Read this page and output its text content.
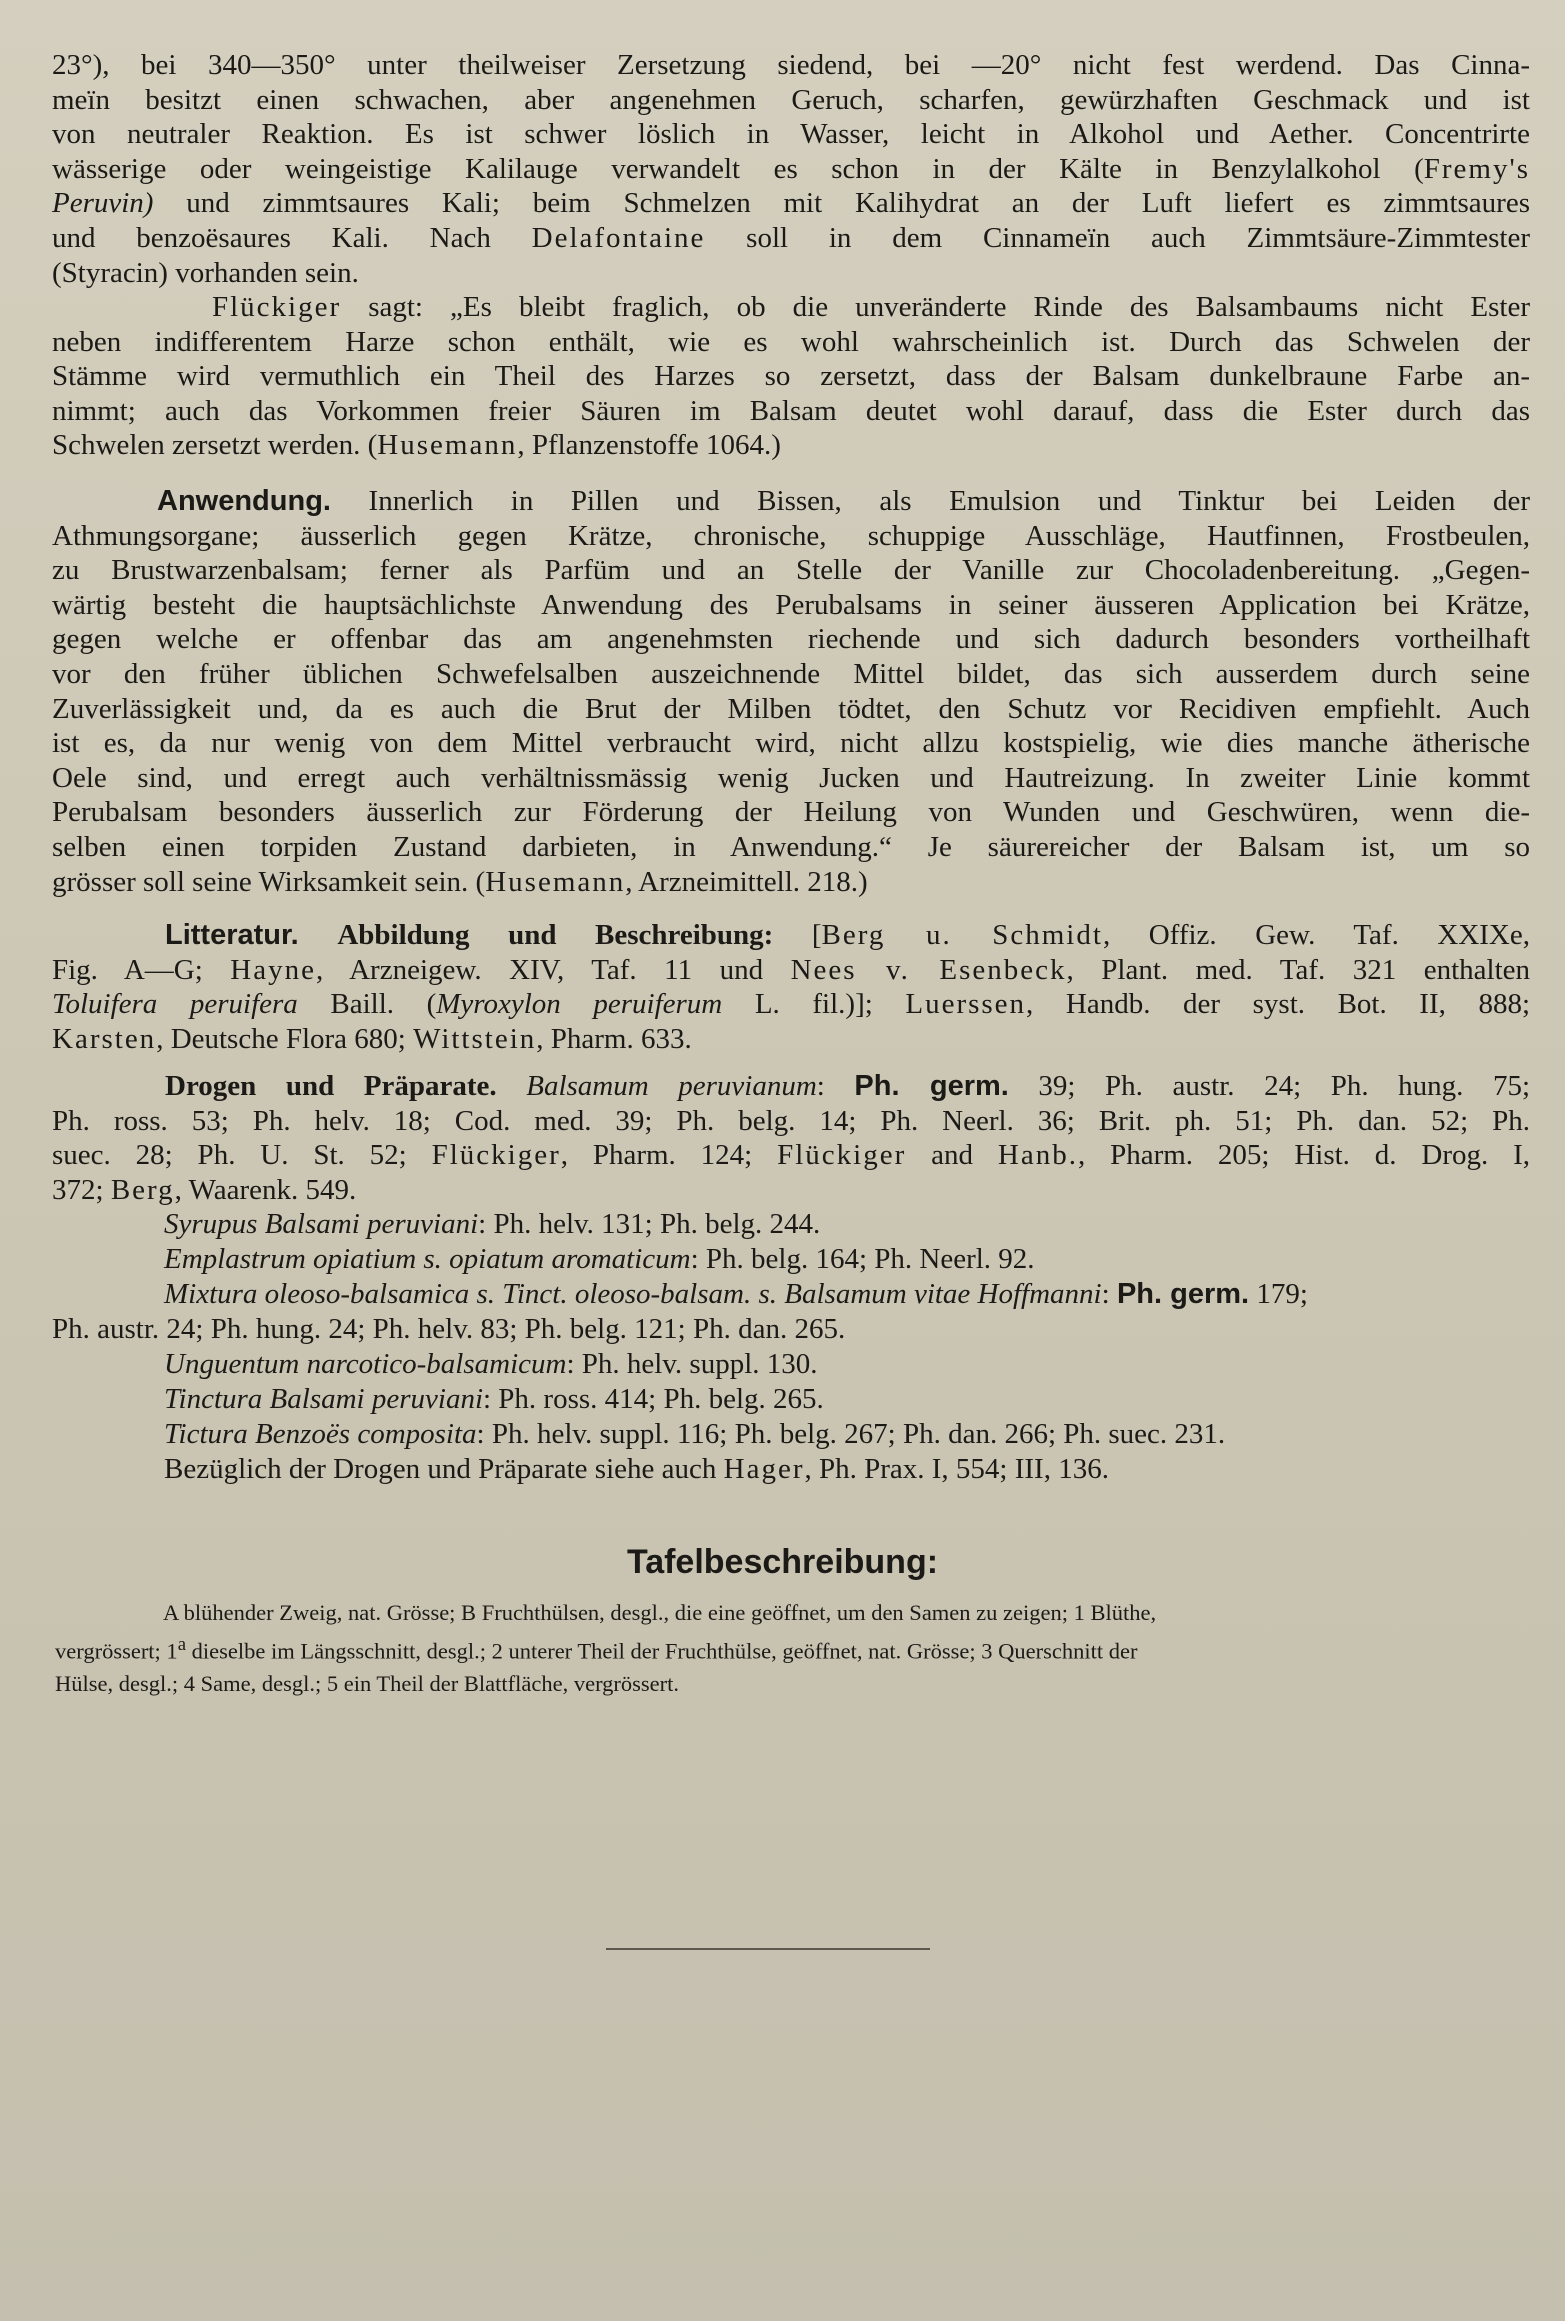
23°), bei 340—350° unter theilweiser Zersetzung siedend, bei —20° nicht fest werdend. Das Cinna-

meïn besitzt einen schwachen, aber angenehmen Geruch, scharfen, gewürzhaften Geschmack und ist

von neutraler Reaktion. Es ist schwer löslich in Wasser, leicht in Alkohol und Aether. Concentrirte

wässerige oder weingeistige Kalilauge verwandelt es schon in der Kälte in Benzylalkohol (Fremy's

Peruvin) und zimmtsaures Kali; beim Schmelzen mit Kalihydrat an der Luft liefert es zimmtsaures

und benzoësaures Kali. Nach Delafontaine soll in dem Cinnameïn auch Zimmtsäure-Zimmtester

(Styracin) vorhanden sein.

Flückiger sagt: „Es bleibt fraglich, ob die unveränderte Rinde des Balsambaums nicht Ester

neben indifferentem Harze schon enthält, wie es wohl wahrscheinlich ist. Durch das Schwelen der

Stämme wird vermuthlich ein Theil des Harzes so zersetzt, dass der Balsam dunkelbraune Farbe an-

nimmt; auch das Vorkommen freier Säuren im Balsam deutet wohl darauf, dass die Ester durch das

Schwelen zersetzt werden. (Husemann, Pflanzenstoffe 1064.)

Anwendung. Innerlich in Pillen und Bissen, als Emulsion und Tinktur bei Leiden der

Athmungsorgane; äusserlich gegen Krätze, chronische, schuppige Ausschläge, Hautfinnen, Frostbeulen,

zu Brustwarzenbalsam; ferner als Parfüm und an Stelle der Vanille zur Chocoladenbereitung. „Gegen-

wärtig besteht die hauptsächlichste Anwendung des Perubalsams in seiner äusseren Application bei Krätze,

gegen welche er offenbar das am angenehmsten riechende und sich dadurch besonders vortheilhaft

vor den früher üblichen Schwefelsalben auszeichnende Mittel bildet, das sich ausserdem durch seine

Zuverlässigkeit und, da es auch die Brut der Milben tödtet, den Schutz vor Recidiven empfiehlt. Auch

ist es, da nur wenig von dem Mittel verbraucht wird, nicht allzu kostspielig, wie dies manche ätherische

Oele sind, und erregt auch verhältnissmässig wenig Jucken und Hautreizung. In zweiter Linie kommt

Perubalsam besonders äusserlich zur Förderung der Heilung von Wunden und Geschwüren, wenn die-

selben einen torpiden Zustand darbieten, in Anwendung.“ Je säurereicher der Balsam ist, um so

grösser soll seine Wirksamkeit sein. (Husemann, Arzneimittell. 218.)

Litteratur. Abbildung und Beschreibung: [Berg u. Schmidt, Offiz. Gew. Taf. XXIXe,

Fig. A—G; Hayne, Arzneigew. XIV, Taf. 11 und Nees v. Esenbeck, Plant. med. Taf. 321 enthalten

Toluifera peruifera Baill. (Myroxylon peruiferum L. fil.)]; Luerssen, Handb. der syst. Bot. II, 888;

Karsten, Deutsche Flora 680; Wittstein, Pharm. 633.

Drogen und Präparate. Balsamum peruvianum: Ph. germ. 39; Ph. austr. 24; Ph. hung. 75;

Ph. ross. 53; Ph. helv. 18; Cod. med. 39; Ph. belg. 14; Ph. Neerl. 36; Brit. ph. 51; Ph. dan. 52; Ph.

suec. 28; Ph. U. St. 52; Flückiger, Pharm. 124; Flückiger and Hanb., Pharm. 205; Hist. d. Drog. I,

372; Berg, Waarenk. 549.

Syrupus Balsami peruviani: Ph. helv. 131; Ph. belg. 244.
Emplastrum opiatium s. opiatum aromaticum: Ph. belg. 164; Ph. Neerl. 92.
Mixtura oleoso-balsamica s. Tinct. oleoso-balsam. s. Balsamum vitae Hoffmanni: Ph. germ. 179;

Ph. austr. 24; Ph. hung. 24; Ph. helv. 83; Ph. belg. 121; Ph. dan. 265.

Unguentum narcotico-balsamicum: Ph. helv. suppl. 130.
Tinctura Balsami peruviani: Ph. ross. 414; Ph. belg. 265.
Tictura Benzoës composita: Ph. helv. suppl. 116; Ph. belg. 267; Ph. dan. 266; Ph. suec. 231.
Bezüglich der Drogen und Präparate siehe auch Hager, Ph. Prax. I, 554; III, 136.
Tafelbeschreibung:
A blühender Zweig, nat. Grösse; B Fruchthülsen, desgl., die eine geöffnet, um den Samen zu zeigen; 1 Blüthe,
vergrössert; 1$^a$ dieselbe im Längsschnitt, desgl.; 2 unterer Theil der Fruchthülse, geöffnet, nat. Grösse; 3 Querschnitt der
Hülse, desgl.; 4 Same, desgl.; 5 ein Theil der Blattfläche, vergrössert.
